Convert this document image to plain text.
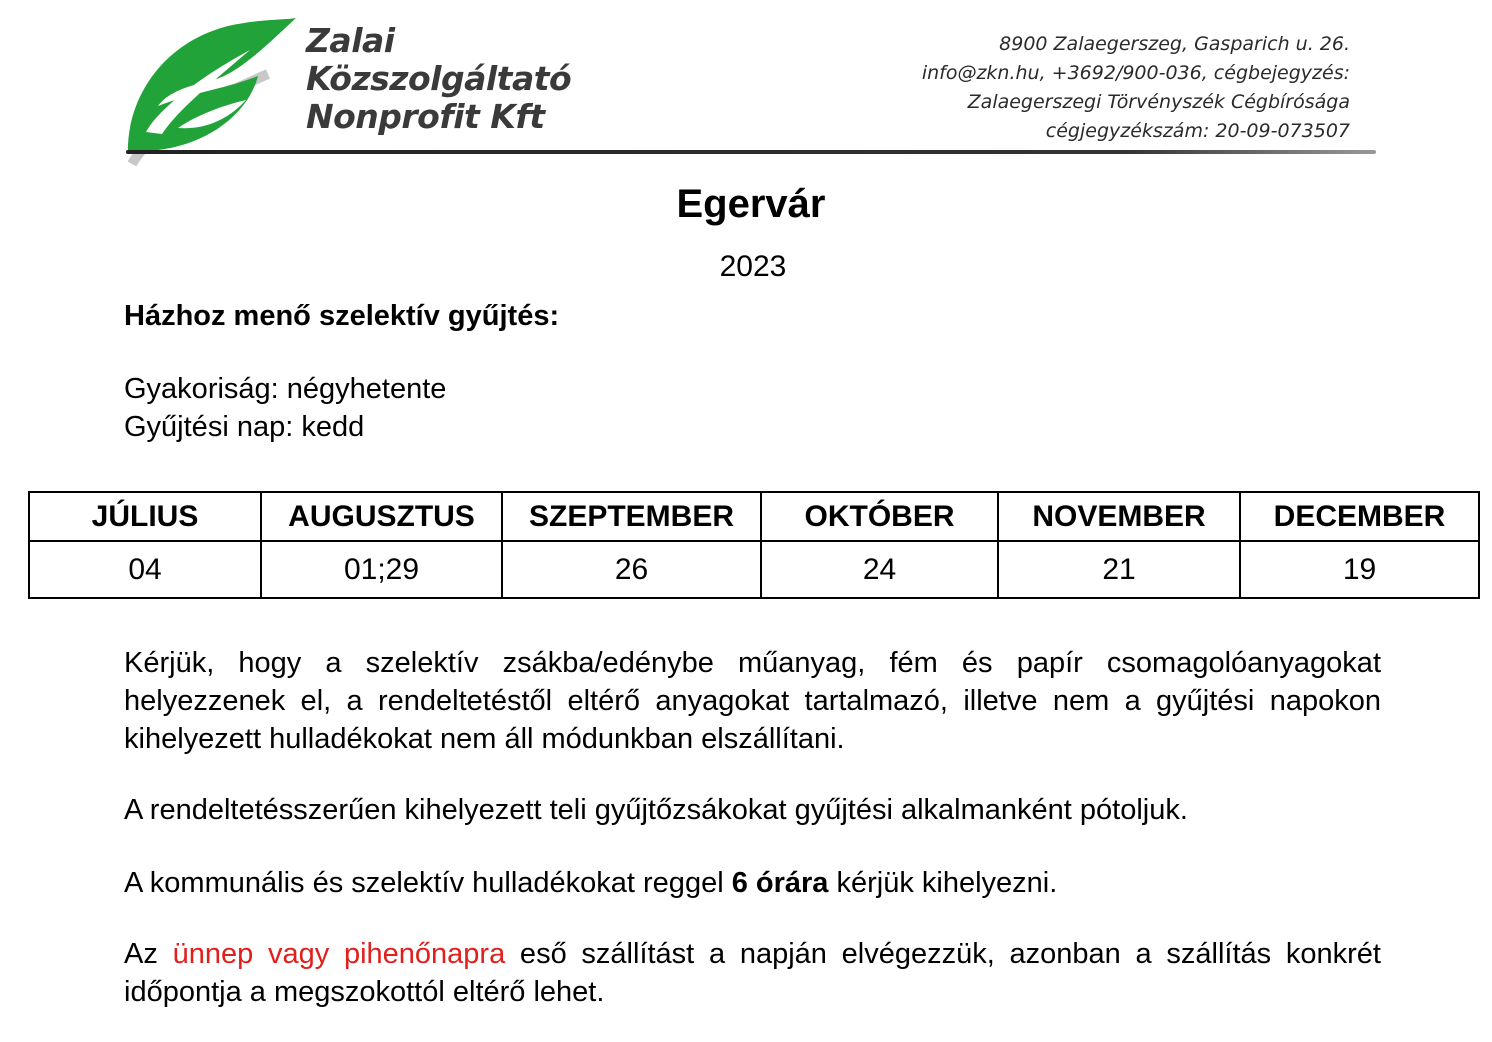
Zalai
Közszolgáltató
Nonprofit Kft
8900 Zalaegerszeg, Gasparich u. 26.
info@zkn.hu, +3692/900-036, cégbejegyzés:
Zalaegerszegi Törvényszék Cégbírósága
cégjegyzékszám: 20-09-073507
Egervár
2023
Házhoz menő szelektív gyűjtés:
Gyakoriság: négyhetente
Gyűjtési nap: kedd
JÚLIUS	AUGUSZTUS	SZEPTEMBER	OKTÓBER	NOVEMBER	DECEMBER
04	01;29	26	24	21	19
Kérjük, hogy a szelektív zsákba/edénybe műanyag, fém és papír csomagolóanyagokat helyezzenek el, a rendeltetéstől eltérő anyagokat tartalmazó, illetve nem a gyűjtési napokon kihelyezett hulladékokat nem áll módunkban elszállítani.
A rendeltetésszerűen kihelyezett teli gyűjtőzsákokat gyűjtési alkalmanként pótoljuk.
A kommunális és szelektív hulladékokat reggel 6 órára kérjük kihelyezni.
Az ünnep vagy pihenőnapra eső szállítást a napján elvégezzük, azonban a szállítás konkrét időpontja a megszokottól eltérő lehet.
